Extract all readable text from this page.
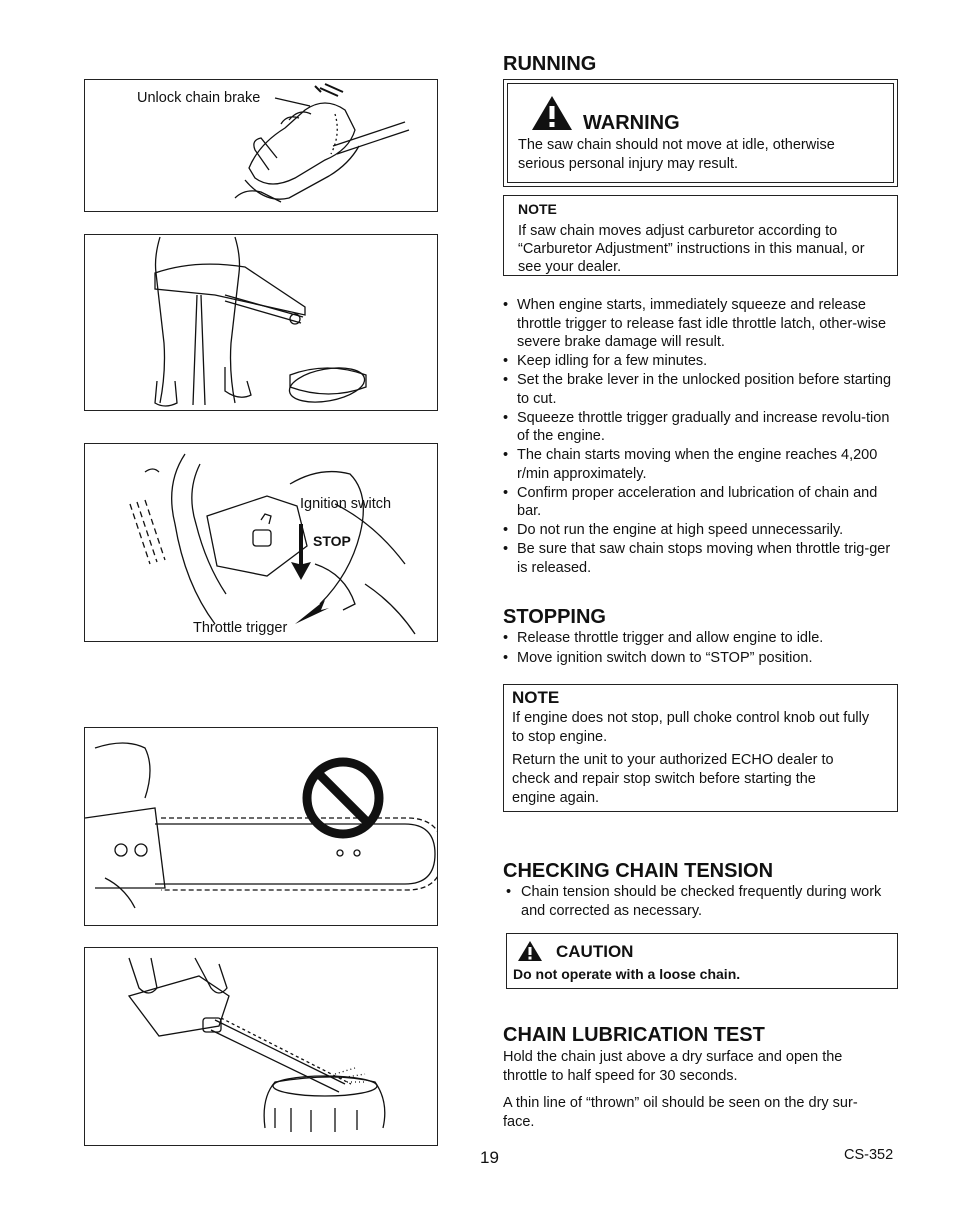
Unlock chain brake
Ignition switch
STOP
Throttle trigger
RUNNING
WARNING
The saw chain should not move at idle, otherwise serious personal injury may result.
NOTE
If saw chain moves adjust carburetor according to “Carburetor Adjustment” instructions in this manual, or see your dealer.
• When engine starts, immediately squeeze and release throttle trigger to release fast idle throttle latch, other-wise severe brake damage will result.
• Keep idling for a few minutes.
• Set the brake lever in the unlocked position before starting to cut.
• Squeeze throttle trigger gradually and increase revolu-tion of the engine.
• The chain starts moving when the engine reaches 4,200 r/min approximately.
• Confirm proper acceleration and lubrication of chain and bar.
• Do not run the engine at high speed unnecessarily.
• Be sure that saw chain stops moving when throttle trig-ger is released.
STOPPING
• Release throttle trigger and allow engine to idle.
• Move ignition switch down to “STOP” position.
NOTE
If engine does not stop, pull choke control knob out fully to stop engine.
Return the unit to your authorized ECHO dealer to check and repair stop switch before starting the engine again.
CHECKING CHAIN TENSION
• Chain tension should be checked frequently during work and corrected as necessary.
CAUTION
Do not operate with a loose chain.
CHAIN LUBRICATION TEST
Hold the chain just above a dry surface and open the throttle to half speed for 30 seconds.
A thin line of “thrown” oil should be seen on the dry sur-face.
19	CS-352
